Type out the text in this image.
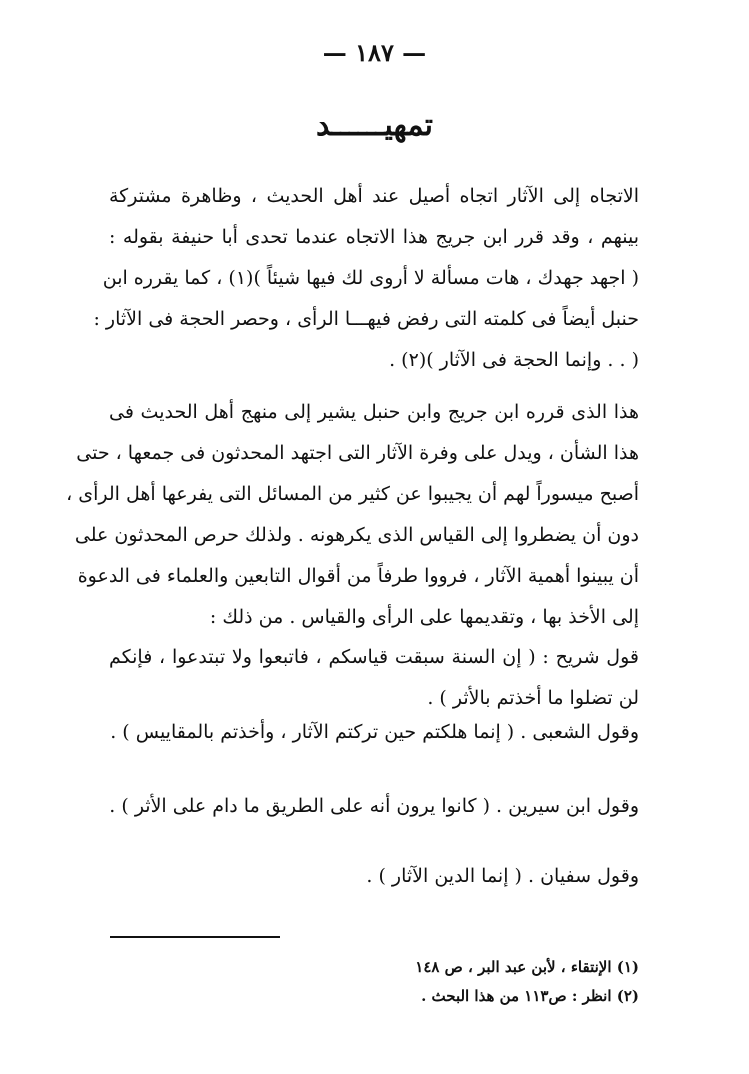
— ١٨٧ —
تمهيــــــد
الاتجاه إلى الآثار اتجاه أصيل عند أهل الحديث ، وظاهرة مشتركة
بينهم ، وقد قرر ابن جريج هذا الاتجاه عندما تحدى أبا حنيفة بقوله :
( اجهد جهدك ، هات مسألة لا أروى لك فيها شيئاً )(١) ، كما يقرره ابن
حنبل أيضاً فى كلمته التى رفض فيهـــا الرأى ، وحصر الحجة فى الآثار :
( . . وإنما الحجة فى الآثار )(٢) .
هذا الذى قرره ابن جريج وابن حنبل يشير إلى منهج أهل الحديث فى
هذا الشأن ، ويدل على وفرة الآثار التى اجتهد المحدثون فى جمعها ، حتى
أصبح ميسوراً لهم أن يجيبوا عن كثير من المسائل التى يفرعها أهل الرأى ،
دون أن يضطروا إلى القياس الذى يكرهونه . ولذلك حرص المحدثون على
أن يبينوا أهمية الآثار ، فرووا طرفاً من أقوال التابعين والعلماء فى الدعوة
إلى الأخذ بها ، وتقديمها على الرأى والقياس . من ذلك :
قول شريح : ( إن السنة سبقت قياسكم ، فاتبعوا ولا تبتدعوا ، فإنكم
لن تضلوا ما أخذتم بالأثر ) .
وقول الشعبى . ( إنما هلكتم حين تركتم الآثار ، وأخذتم بالمقاييس ) .
وقول ابن سيرين . ( كانوا يرون أنه على الطريق ما دام على الأثر ) .
وقول سفيان . ( إنما الدين الآثار ) .
(١) الإنتقاء ، لأبن عبد البر ، ص ١٤٨
(٢) انظر : ص١١٣ من هذا البحث .
